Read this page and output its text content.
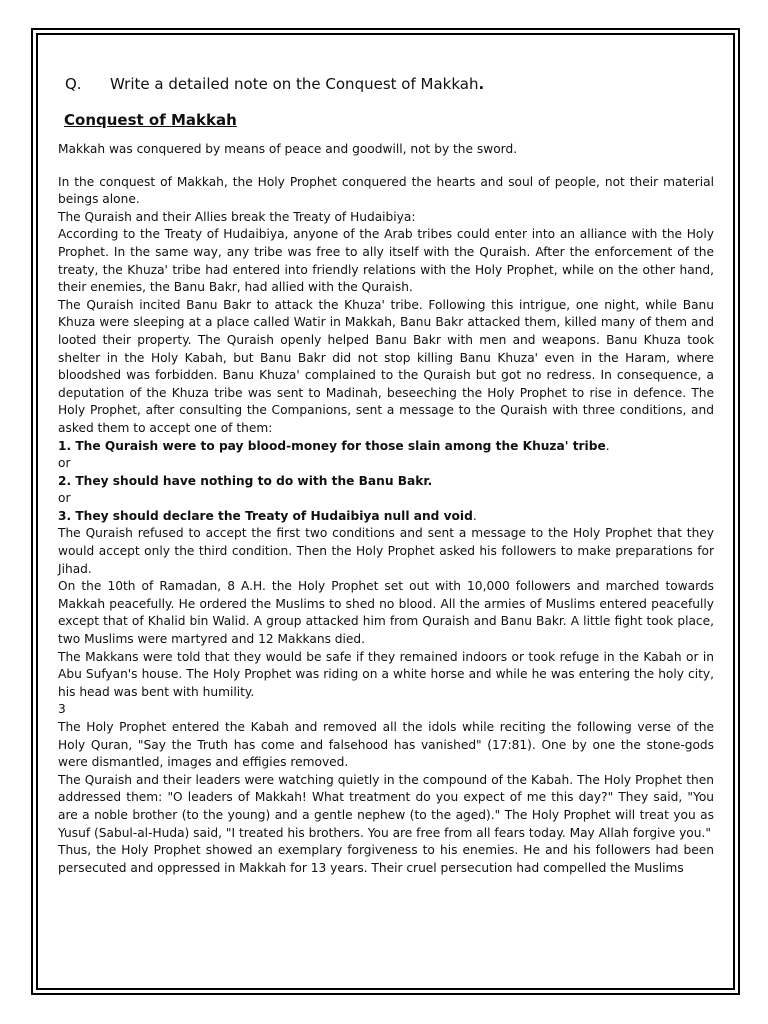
Q.	Write a detailed note on the Conquest of Makkah.
Conquest of Makkah

Makkah was conquered by means of peace and goodwill, not by the sword.

In the conquest of Makkah, the Holy Prophet conquered the hearts and soul of people, not their material beings alone.

The Quraish and their Allies break the Treaty of Hudaibiya:

According to the Treaty of Hudaibiya, anyone of the Arab tribes could enter into an alliance with the Holy Prophet. In the same way, any tribe was free to ally itself with the Quraish. After the enforcement of the treaty, the Khuza' tribe had entered into friendly relations with the Holy Prophet, while on the other hand, their enemies, the Banu Bakr, had allied with the Quraish.

The Quraish incited Banu Bakr to attack the Khuza' tribe. Following this intrigue, one night, while Banu Khuza were sleeping at a place called Watir in Makkah, Banu Bakr attacked them, killed many of them and looted their property. The Quraish openly helped Banu Bakr with men and weapons. Banu Khuza took shelter in the Holy Kabah, but Banu Bakr did not stop killing Banu Khuza' even in the Haram, where bloodshed was forbidden. Banu Khuza' complained to the Quraish but got no redress. In consequence, a deputation of the Khuza tribe was sent to Madinah, beseeching the Holy Prophet to rise in defence. The Holy Prophet, after consulting the Companions, sent a message to the Quraish with three conditions, and asked them to accept one of them:

1. The Quraish were to pay blood-money for those slain among the Khuza' tribe.

or

2. They should have nothing to do with the Banu Bakr.

or

3. They should declare the Treaty of Hudaibiya null and void.

The Quraish refused to accept the first two conditions and sent a message to the Holy Prophet that they would accept only the third condition. Then the Holy Prophet asked his followers to make preparations for Jihad.

On the 10th of Ramadan, 8 A.H. the Holy Prophet set out with 10,000 followers and marched towards Makkah peacefully. He ordered the Muslims to shed no blood. All the armies of Muslims entered peacefully except that of Khalid bin Walid. A group attacked him from Quraish and Banu Bakr. A little fight took place, two Muslims were martyred and 12 Makkans died.

The Makkans were told that they would be safe if they remained indoors or took refuge in the Kabah or in Abu Sufyan's house. The Holy Prophet was riding on a white horse and while he was entering the holy city, his head was bent with humility.

3

The Holy Prophet entered the Kabah and removed all the idols while reciting the following verse of the Holy Quran, "Say the Truth has come and falsehood has vanished" (17:81). One by one the stone-gods were dismantled, images and effigies removed.

The Quraish and their leaders were watching quietly in the compound of the Kabah. The Holy Prophet then addressed them: "O leaders of Makkah! What treatment do you expect of me this day?" They said, "You are a noble brother (to the young) and a gentle nephew (to the aged)." The Holy Prophet will treat you as Yusuf (Sabul-al-Huda) said, "I treated his brothers. You are free from all fears today. May Allah forgive you."

Thus, the Holy Prophet showed an exemplary forgiveness to his enemies. He and his followers had been persecuted and oppressed in Makkah for 13 years. Their cruel persecution had compelled the Muslims
